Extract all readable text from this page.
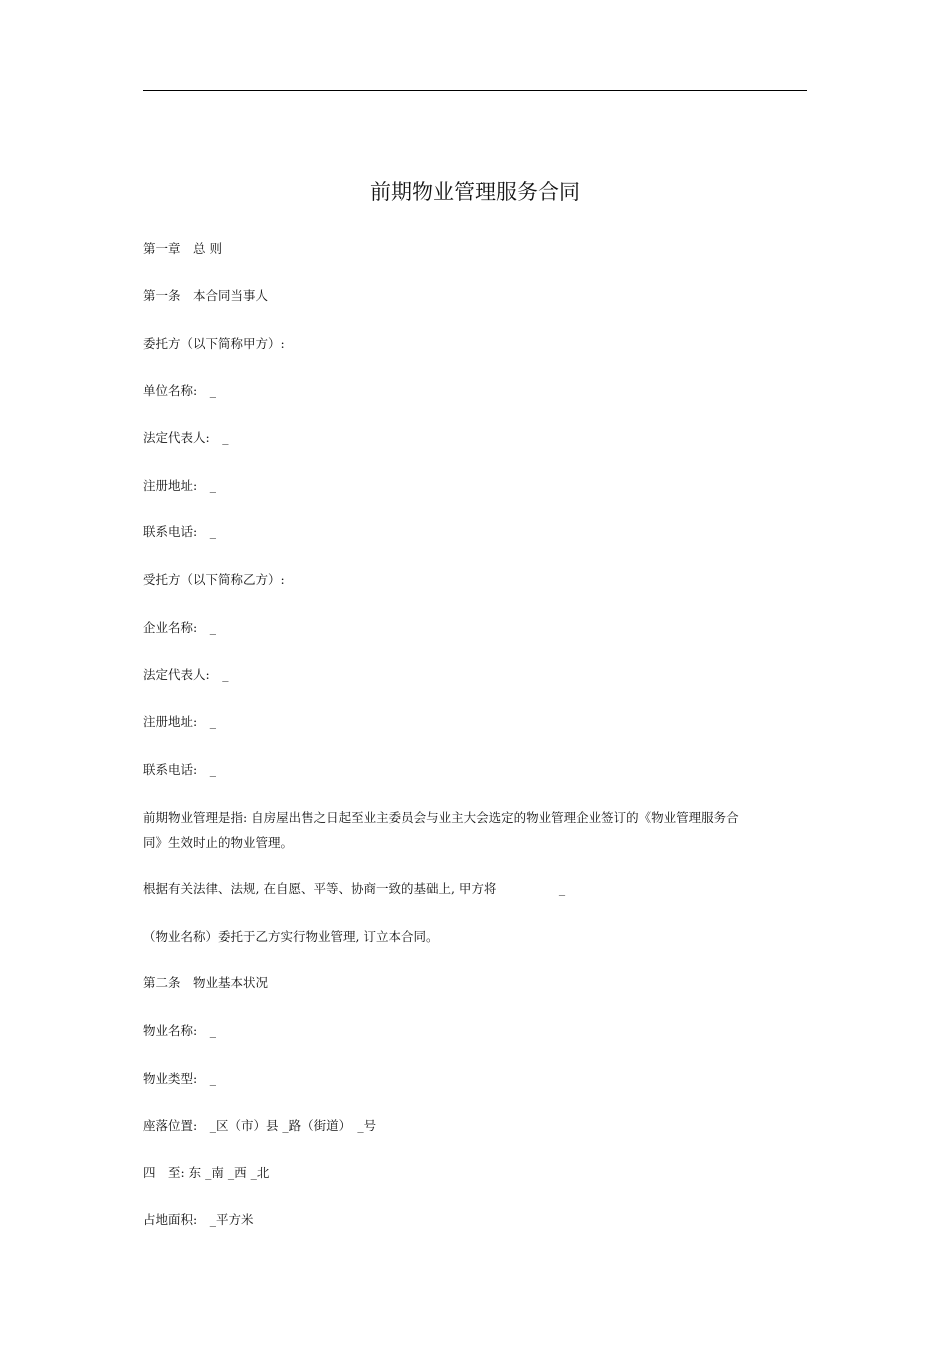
前期物业管理服务合同
第一章　总 则
第一条　本合同当事人
委托方（以下简称甲方）:
单位名称:　_
法定代表人:　_
注册地址:　_
联系电话:　_
受托方（以下简称乙方）:
企业名称:　_
法定代表人:　_
注册地址:　_
联系电话:　_
前期物业管理是指: 自房屋出售之日起至业主委员会与业主大会选定的物业管理企业签订的《物业管理服务合同》生效时止的物业管理。
根据有关法律、法规, 在自愿、平等、协商一致的基础上, 甲方将　　　　　_
（物业名称）委托于乙方实行物业管理, 订立本合同。
第二条　物业基本状况
物业名称:　_
物业类型:　_
座落位置:　_区（市）县 _路（街道）　_号
四　至: 东 _南 _西 _北
占地面积:　_平方米
